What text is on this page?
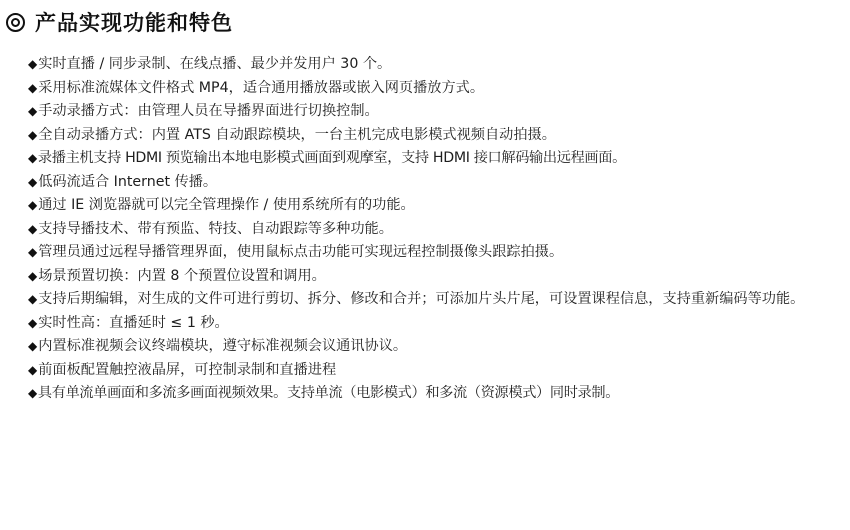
产品实现功能和特色
◆实时直播 / 同步录制、在线点播、最少并发用户 30 个。
◆采用标准流媒体文件格式 MP4，适合通用播放器或嵌入网页播放方式。
◆手动录播方式：由管理人员在导播界面进行切换控制。
◆全自动录播方式：内置 ATS 自动跟踪模块，一台主机完成电影模式视频自动拍摄。
◆录播主机支持 HDMI 预览输出本地电影模式画面到观摩室，支持 HDMI 接口解码输出远程画面。
◆低码流适合 Internet 传播。
◆通过 IE 浏览器就可以完全管理操作 / 使用系统所有的功能。
◆支持导播技术、带有预监、特技、自动跟踪等多种功能。
◆管理员通过远程导播管理界面，使用鼠标点击功能可实现远程控制摄像头跟踪拍摄。
◆场景预置切换：内置 8 个预置位设置和调用。
◆支持后期编辑，对生成的文件可进行剪切、拆分、修改和合并；可添加片头片尾，可设置课程信息，支持重新编码等功能。
◆实时性高：直播延时 ≤ 1 秒。
◆内置标准视频会议终端模块，遵守标准视频会议通讯协议。
◆前面板配置触控液晶屏，可控制录制和直播进程
◆具有单流单画面和多流多画面视频效果。支持单流（电影模式）和多流（资源模式）同时录制。
